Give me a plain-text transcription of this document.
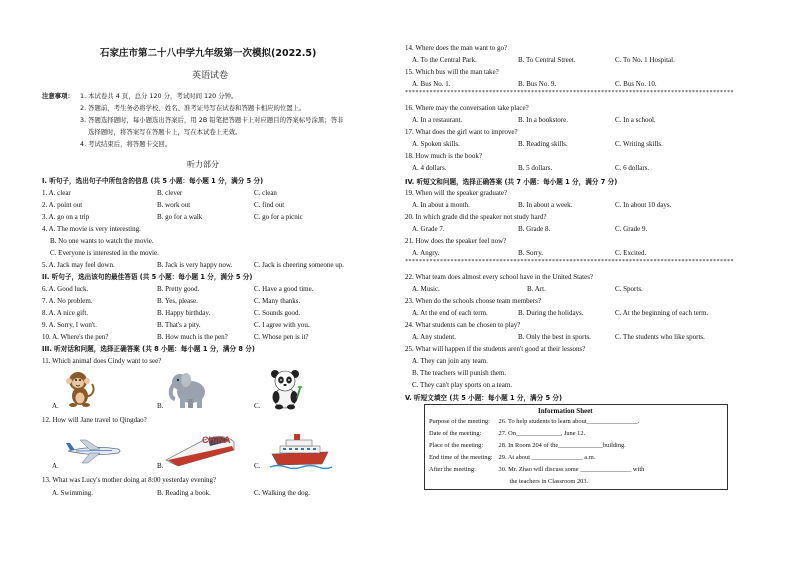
石家庄市第二十八中学九年级第一次模拟(2022.5)
英语试卷
注意事项： 1. 本试卷共 4 页，总分 120 分，考试时间 120 分钟。
2. 答题前，考生务必将学校、姓名、准考证号写在试卷和答题卡相应的位置上。
3. 答题选择题时，每小题选出答案后，用 2B 铅笔把答题卡上对应题目的答案标号涂黑；答非
选择题时，将答案写在答题卡上，写在本试卷上无效。
4. 考试结束后，将答题卡交回。
听力部分
I. 听句子，选出句子中所包含的信息 (共 5 小题：每小题 1 分，满分 5 分)
1. A. clear	B. clever	C. clean
2. A. point out	B. work out	C. find out
3. A. go on a trip	B. go for a walk	C. go for a picnic
4. A. The movie is very interesting.
B. No one wants to watch the movie.
C. Everyone is interested in the movie.
5. A. Jack may feel down.	B. Jack is very happy now.	C. Jack is cheering someone up.
II. 听句子，选出该句的最佳答语 (共 5 小题：每小题 1 分，满分 5 分)
6. A. Good luck.	B. Pretty good.	C. Have a good time.
7. A. No problem.	B. Yes, please.	C. Many thanks.
8. A. A nice gift.	B. Happy birthday.	C. Sounds good.
9. A. Sorry, I won't.	B. That's a pity.	C. I agree with you.
10. A. Where's the pen?	B. How much is the pen?	C. Whose pen is it?
III. 听对话和问题，选择正确答案 (共 8 小题：每小题 1 分，满分 8 分)
11. Which animal does Cindy want to see?
A.	B.	C.
12. How will Jane travel to Qingdao?
CHINA
A.	B.	C.
13. What was Lucy's mother doing at 8:00 yesterday evening?
A. Swimming.	B. Reading a book.	C. Walking the dog.
14. Where does the man want to go?
A. To the Central Park.	B. To Central Street.	C. To No. 1 Hospital.
15. Which bus will the man take?
A. Bus No. 1.	B. Bus No. 9.	C. Bus No. 10.
**********************************************************************************************
16. Where may the conversation take place?
A. In a restaurant.	B. In a bookstore.	C. In a school.
17. What does the girl want to improve?
A. Spoken skills.	B. Reading skills.	C. Writing skills.
18. How much is the book?
A. 4 dollars.	B. 5 dollars.	C. 6 dollars.
IV. 听短文和问题，选择正确答案 (共 7 小题：每小题 1 分，满分 7 分)
19. When will the speaker graduate?
A. In about a month.	B. In about a week.	C. In about 10 days.
20. In which grade did the speaker not study hard?
A. Grade 7.	B. Grade 8.	C. Grade 9.
21. How does the speaker feel now?
A. Angry.	B. Sorry.	C. Excited.
**********************************************************************************************
22. What team does almost every school have in the United States?
A. Music.	B. Art.	C. Sports.
23. When do the schools choose team members?
A. At the end of each term.	B. During the holidays.	C. At the beginning of each term.
24. What students can be chosen to play?
A. Any student.	B. Only the best in sports.	C. The students who like sports.
25. What will happen if the students aren't good at their lessons?
A. They can join any team.
B. The teachers will punish them.
C. They can't play sports on a team.
V. 听短文填空 (共 5 小题：每小题 1 分，满分 5 分)
Information Sheet
Purpose of the meeting:	26. To help students to learn about________________.
Date of the meeting:	27. On______________, June 12.
Place of the meeting:	28. In Room 204 of the______________building.
End time of the meeting:	29. At about ________________ a.m.
After the meeting:	30. Mr. Zhao will discuss some ________________ with
	the teachers in Classroom 203.
